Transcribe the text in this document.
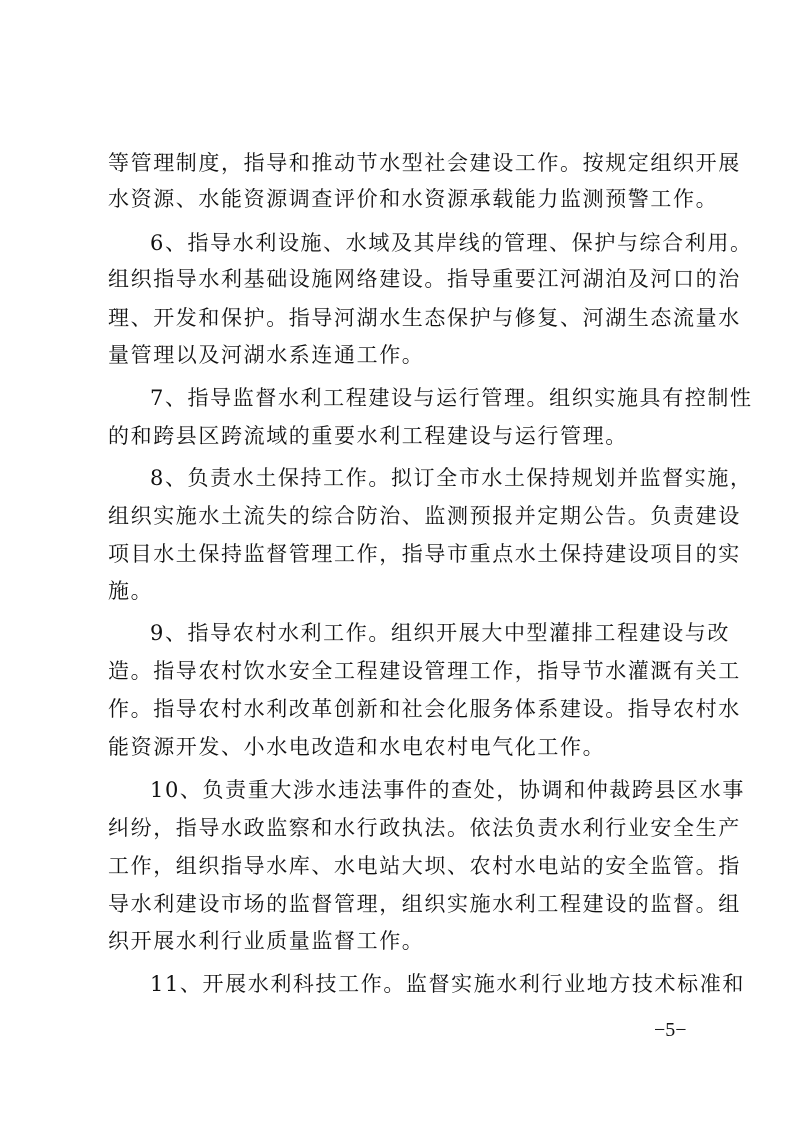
等管理制度，指导和推动节水型社会建设工作。按规定组织开展
水资源、水能资源调查评价和水资源承载能力监测预警工作。
6、指导水利设施、水域及其岸线的管理、保护与综合利用。
组织指导水利基础设施网络建设。指导重要江河湖泊及河口的治
理、开发和保护。指导河湖水生态保护与修复、河湖生态流量水
量管理以及河湖水系连通工作。
7、指导监督水利工程建设与运行管理。组织实施具有控制性
的和跨县区跨流域的重要水利工程建设与运行管理。
8、负责水土保持工作。拟订全市水土保持规划并监督实施，
组织实施水土流失的综合防治、监测预报并定期公告。负责建设
项目水土保持监督管理工作，指导市重点水土保持建设项目的实
施。
9、指导农村水利工作。组织开展大中型灌排工程建设与改
造。指导农村饮水安全工程建设管理工作，指导节水灌溉有关工
作。指导农村水利改革创新和社会化服务体系建设。指导农村水
能资源开发、小水电改造和水电农村电气化工作。
10、负责重大涉水违法事件的查处，协调和仲裁跨县区水事
纠纷，指导水政监察和水行政执法。依法负责水利行业安全生产
工作，组织指导水库、水电站大坝、农村水电站的安全监管。指
导水利建设市场的监督管理，组织实施水利工程建设的监督。组
织开展水利行业质量监督工作。
11、开展水利科技工作。监督实施水利行业地方技术标准和
−5−
